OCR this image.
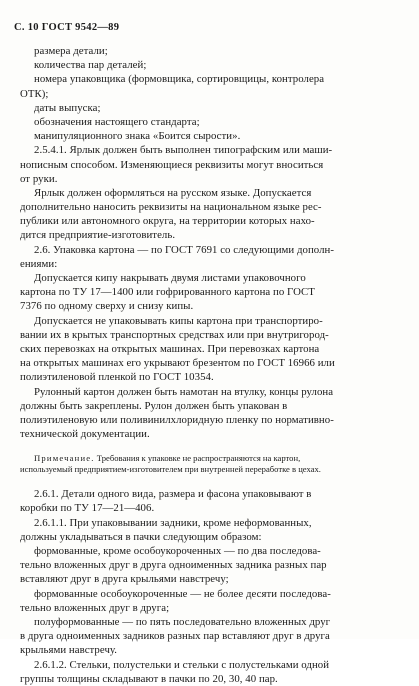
С. 10 ГОСТ 9542—89
размера детали;
количества пар деталей;
номера упаковщика (формовщика, сортировщицы, контролера
ОТК);
даты выпуска;
обозначения настоящего стандарта;
манипуляционного знака «Боится сырости».
2.5.4.1. Ярлык должен быть выполнен типографским или маши-
нописным способом. Изменяющиеся реквизиты могут вноситься
от руки.
Ярлык должен оформляться на русском языке. Допускается
дополнительно наносить реквизиты на национальном языке рес-
публики или автономного округа, на территории которых нахо-
дится предприятие-изготовитель.
2.6. Упаковка картона — по ГОСТ 7691 со следующими дополн-
ениями:
Допускается кипу накрывать двумя листами упаковочного
картона по ТУ 17—1400 или гофрированного картона по ГОСТ
7376 по одному сверху и снизу кипы.
Допускается не упаковывать кипы картона при транспортиро-
вании их в крытых транспортных средствах или при внутригород-
ских перевозках на открытых машинах. При перевозках картона
на открытых машинах его укрывают брезентом по ГОСТ 16966 или
полиэтиленовой пленкой по ГОСТ 10354.
Рулонный картон должен быть намотан на втулку, концы рулона
должны быть закреплены. Рулон должен быть упакован в
полиэтиленовую или поливинилхлоридную пленку по нормативно-
технической документации.
Примечание. Требования к упаковке не распространяются на картон,
используемый предприятием-изготовителем при внутренней переработке в цехах.
2.6.1. Детали одного вида, размера и фасона упаковывают в
коробки по ТУ 17—21—406.
2.6.1.1. При упаковывании задники, кроме неформованных,
должны укладываться в пачки следующим образом:
формованные, кроме особоукороченных — по два последова-
тельно вложенных друг в друга одноименных задника разных пар
вставляют друг в друга крыльями навстречу;
формованные особоукороченные — не более десяти последова-
тельно вложенных друг в друга;
полуформованные — по пять последовательно вложенных друг
в друга одноименных задников разных пар вставляют друг в друга
крыльями навстречу.
2.6.1.2. Стельки, полустельки и стельки с полустельками одной
группы толщины складывают в пачки по 20, 30, 40 пар.
